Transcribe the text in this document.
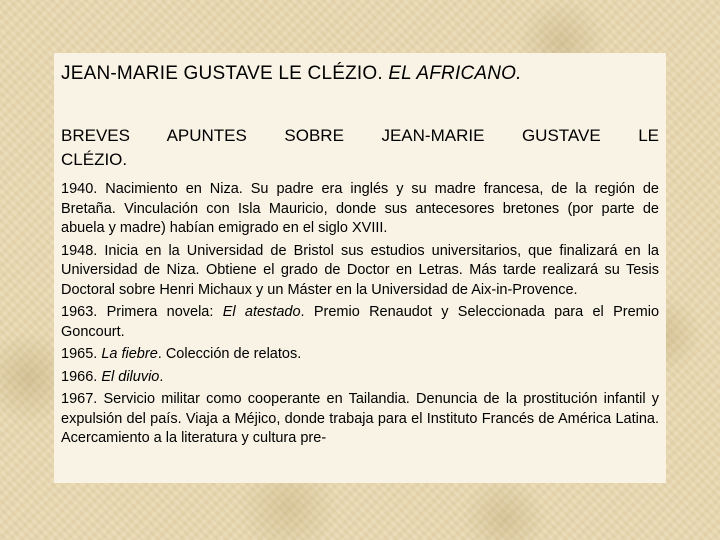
JEAN-MARIE GUSTAVE LE CLÉZIO. EL AFRICANO.
BREVES APUNTES SOBRE JEAN-MARIE GUSTAVE LE
CLÉZIO.

1940. Nacimiento en Niza. Su padre era inglés y su madre francesa, de la región de Bretaña. Vinculación con Isla Mauricio, donde sus antecesores bretones (por parte de abuela y madre) habían emigrado en el siglo XVIII.

1948. Inicia en la Universidad de Bristol sus estudios universitarios, que finalizará en la Universidad de Niza. Obtiene el grado de Doctor en Letras. Más tarde realizará su Tesis Doctoral sobre Henri Michaux y un Máster en la Universidad de Aix-in-Provence.

1963. Primera novela: El atestado. Premio Renaudot y Seleccionada para el Premio Goncourt.

1965. La fiebre. Colección de relatos.

1966. El diluvio.

1967. Servicio militar como cooperante en Tailandia. Denuncia de la prostitución infantil y expulsión del país. Viaja a Méjico, donde trabaja para el Instituto Francés de América Latina. Acercamiento a la literatura y cultura pre-
